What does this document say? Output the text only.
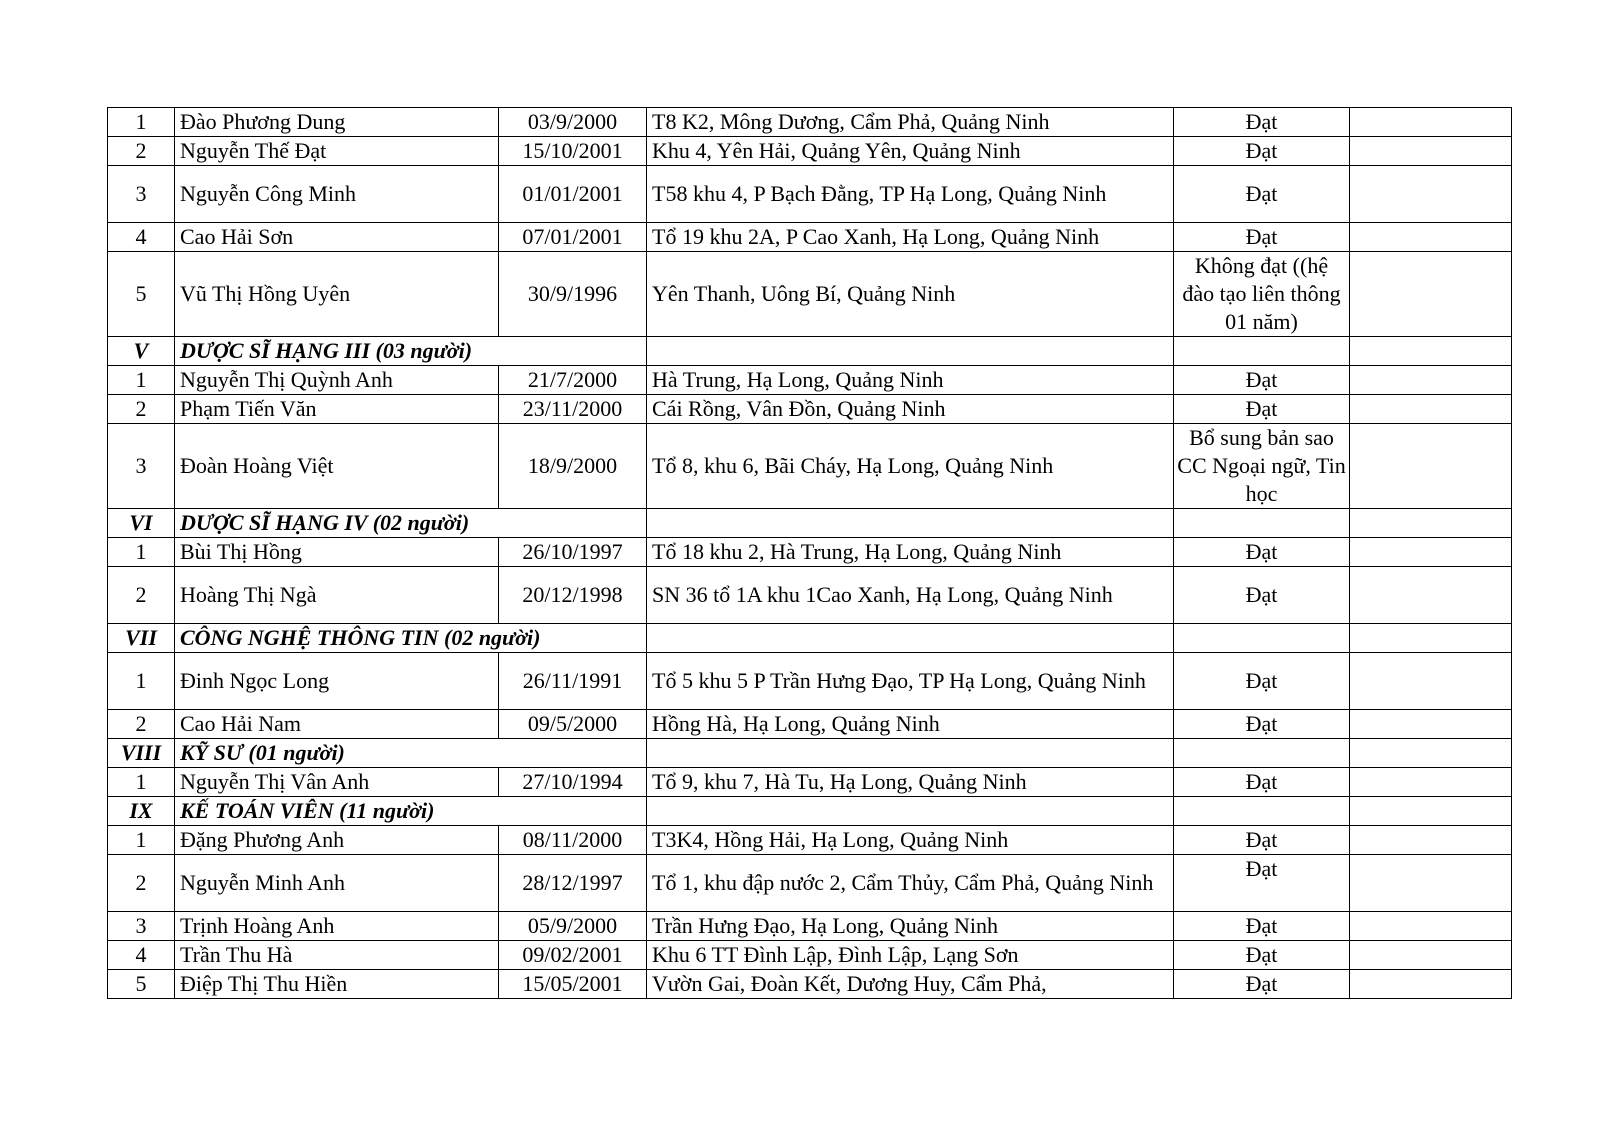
1	Đào Phương Dung	03/9/2000	T8 K2, Mông Dương, Cẩm Phả, Quảng Ninh	Đạt	
2	Nguyễn Thế Đạt	15/10/2001	Khu 4, Yên Hải, Quảng Yên, Quảng Ninh	Đạt	
3	Nguyễn Công Minh	01/01/2001	T58 khu 4, P Bạch Đằng, TP Hạ Long, Quảng Ninh	Đạt	
4	Cao Hải Sơn	07/01/2001	Tổ 19 khu 2A, P Cao Xanh, Hạ Long, Quảng Ninh	Đạt	
5	Vũ Thị Hồng Uyên	30/9/1996	Yên Thanh, Uông Bí, Quảng Ninh	Không đạt ((hệ đào tạo liên thông 01 năm)	
V	DƯỢC SĨ HẠNG III (03 người)				
1	Nguyễn Thị Quỳnh Anh	21/7/2000	Hà Trung, Hạ Long, Quảng Ninh	Đạt	
2	Phạm Tiến Văn	23/11/2000	Cái Rồng, Vân Đồn, Quảng Ninh	Đạt	
3	Đoàn Hoàng Việt	18/9/2000	Tổ 8, khu 6, Bãi Cháy, Hạ Long, Quảng Ninh	Bổ sung bản sao CC Ngoại ngữ, Tin học	
VI	DƯỢC SĨ HẠNG IV (02 người)				
1	Bùi Thị Hồng	26/10/1997	Tổ 18 khu 2, Hà Trung, Hạ Long, Quảng Ninh	Đạt	
2	Hoàng Thị Ngà	20/12/1998	SN 36 tổ 1A khu 1Cao Xanh, Hạ Long, Quảng Ninh	Đạt	
VII	CÔNG NGHỆ THÔNG TIN (02 người)				
1	Đinh Ngọc Long	26/11/1991	Tổ 5 khu 5 P Trần Hưng Đạo, TP Hạ Long, Quảng Ninh	Đạt	
2	Cao Hải Nam	09/5/2000	Hồng Hà, Hạ Long, Quảng Ninh	Đạt	
VIII	KỸ SƯ (01 người)				
1	Nguyễn Thị Vân Anh	27/10/1994	Tổ 9, khu 7, Hà Tu, Hạ Long, Quảng Ninh	Đạt	
IX	KẾ TOÁN VIÊN (11 người)				
1	Đặng Phương Anh	08/11/2000	T3K4, Hồng Hải, Hạ Long, Quảng Ninh	Đạt	
2	Nguyễn Minh Anh	28/12/1997	Tổ 1, khu đập nước 2, Cẩm Thủy, Cẩm Phả, Quảng Ninh	Đạt	
3	Trịnh Hoàng Anh	05/9/2000	Trần Hưng Đạo, Hạ Long, Quảng Ninh	Đạt	
4	Trần Thu Hà	09/02/2001	Khu 6 TT Đình Lập, Đình Lập, Lạng Sơn	Đạt	
5	Điệp Thị Thu Hiền	15/05/2001	Vườn Gai, Đoàn Kết, Dương Huy, Cẩm Phả,	Đạt	
